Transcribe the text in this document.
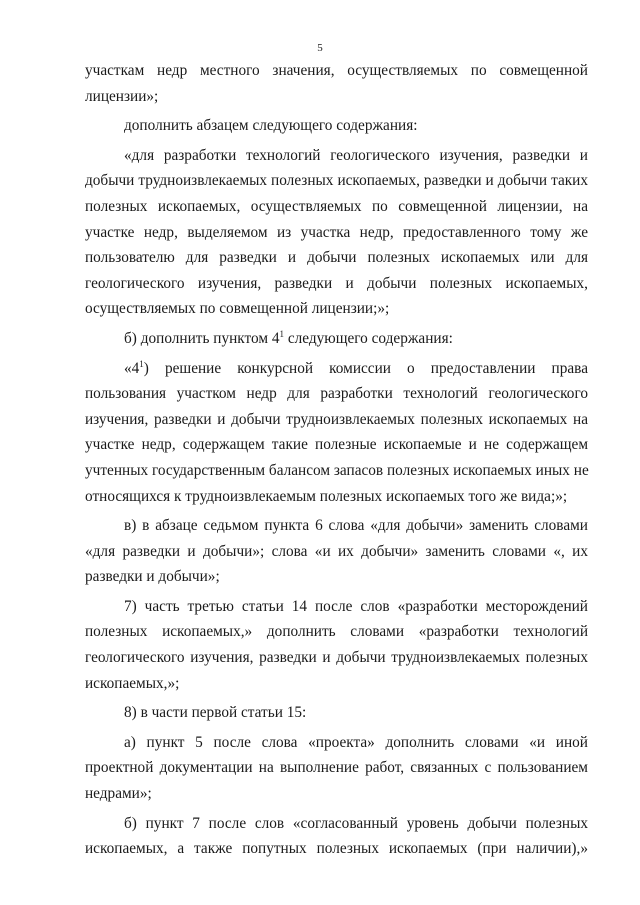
5
участкам недр местного значения, осуществляемых по совмещенной
лицензии»;
дополнить абзацем следующего содержания:
«для разработки технологий геологического изучения, разведки и
добычи трудноизвлекаемых полезных ископаемых, разведки и добычи таких
полезных ископаемых, осуществляемых по совмещенной лицензии, на
участке недр, выделяемом из участка недр, предоставленного тому же
пользователю для разведки и добычи полезных ископаемых или для
геологического изучения, разведки и добычи полезных ископаемых,
осуществляемых по совмещенной лицензии;»;
б) дополнить пунктом $4^1$ следующего содержания:
«$4^1$) решение конкурсной комиссии о предоставлении права
пользования участком недр для разработки технологий геологического
изучения, разведки и добычи трудноизвлекаемых полезных ископаемых на
участке недр, содержащем такие полезные ископаемые и не содержащем
учтенных государственным балансом запасов полезных ископаемых иных не
относящихся к трудноизвлекаемым полезных ископаемых того же вида;»;
в) в абзаце седьмом пункта 6 слова «для добычи» заменить словами
«для разведки и добычи»; слова «и их добычи» заменить словами «, их
разведки и добычи»;
7) часть третью статьи 14 после слов «разработки месторождений
полезных ископаемых,» дополнить словами «разработки технологий
геологического изучения, разведки и добычи трудноизвлекаемых полезных
ископаемых,»;
8) в части первой статьи 15:
а) пункт 5 после слова «проекта» дополнить словами «и иной
проектной документации на выполнение работ, связанных с пользованием
недрами»;
б) пункт 7 после слов «согласованный уровень добычи полезных
ископаемых, а также попутных полезных ископаемых (при наличии),»
